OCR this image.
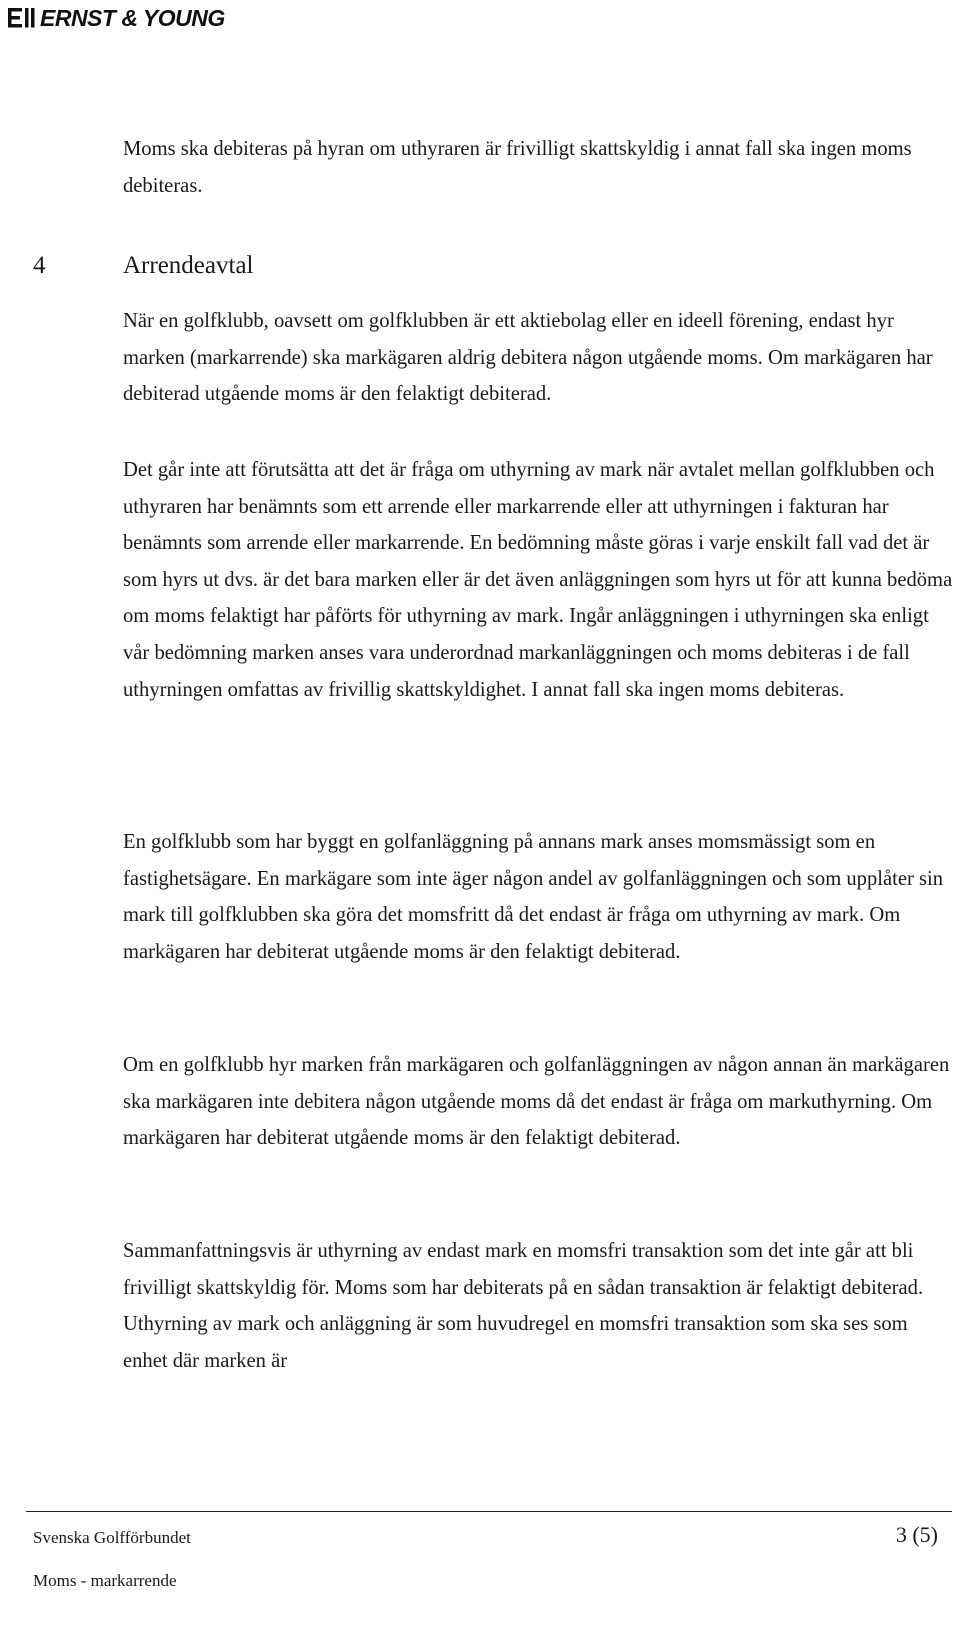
ERNST & YOUNG

Moms ska debiteras på hyran om uthyraren är frivilligt skattskyldig i annat fall ska ingen moms debiteras.

4	Arrendeavtal

När en golfklubb, oavsett om golfklubben är ett aktiebolag eller en ideell förening, endast hyr marken (markarrende) ska markägaren aldrig debitera någon utgående moms. Om markägaren har debiterad utgående moms är den felaktigt debiterad.

Det går inte att förutsätta att det är fråga om uthyrning av mark när avtalet mellan golfklubben och uthyraren har benämnts som ett arrende eller markarrende eller att uthyrningen i fakturan har benämnts som arrende eller markarrende. En bedömning måste göras i varje enskilt fall vad det är som hyrs ut dvs. är det bara marken eller är det även anläggningen som hyrs ut för att kunna bedöma om moms felaktigt har påförts för uthyrning av mark. Ingår anläggningen i uthyrningen ska enligt vår bedömning marken anses vara underordnad markanläggningen och moms debiteras i de fall uthyrningen omfattas av frivillig skattskyldighet. I annat fall ska ingen moms debiteras.

En golfklubb som har byggt en golfanläggning på annans mark anses momsmässigt som en fastighetsägare. En markägare som inte äger någon andel av golfanläggningen och som upplåter sin mark till golfklubben ska göra det momsfritt då det endast är fråga om uthyrning av mark. Om markägaren har debiterat utgående moms är den felaktigt debiterad.

Om en golfklubb hyr marken från markägaren och golfanläggningen av någon annan än markägaren ska markägaren inte debitera någon utgående moms då det endast är fråga om markuthyrning. Om markägaren har debiterat utgående moms är den felaktigt debiterad.

Sammanfattningsvis är uthyrning av endast mark en momsfri transaktion som det inte går att bli frivilligt skattskyldig för. Moms som har debiterats på en sådan transaktion är felaktigt debiterad. Uthyrning av mark och anläggning är som huvudregel en momsfri transaktion som ska ses som enhet där marken är

Svenska Golfförbundet
Moms - markarrende
3 (5)
